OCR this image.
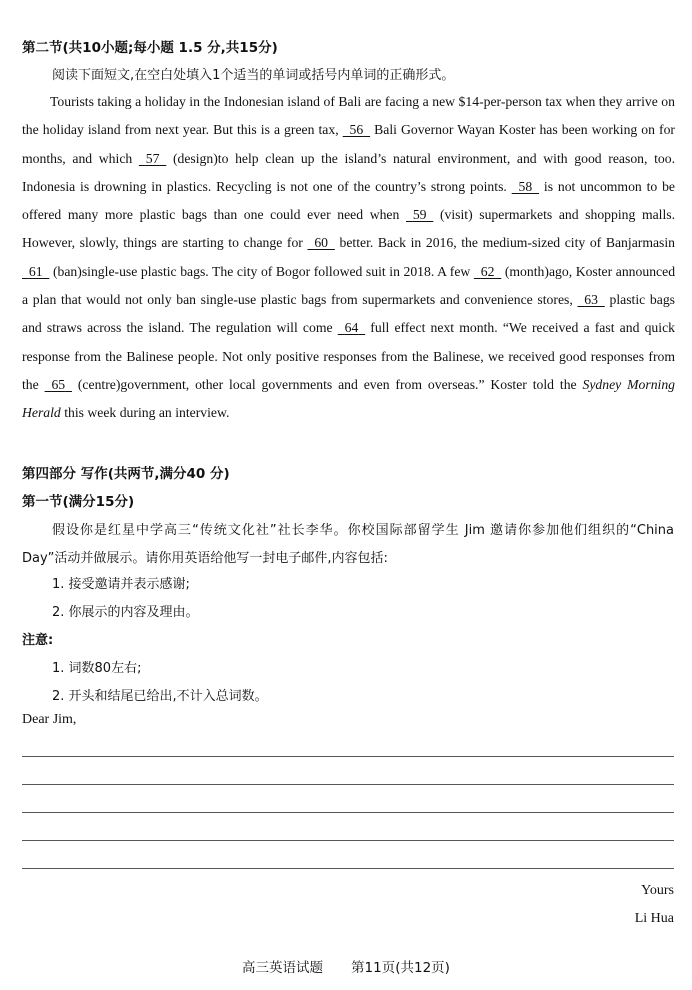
第二节(共10小题;每小题 1.5 分,共15分)
阅读下面短文,在空白处填入1个适当的单词或括号内单词的正确形式。
Tourists taking a holiday in the Indonesian island of Bali are facing a new $14-per-person tax when they arrive on the holiday island from next year. But this is a green tax, 56 Bali Governor Wayan Koster has been working on for months, and which 57 (design)to help clean up the island’s natural environment, and with good reason, too. Indonesia is drowning in plastics. Recycling is not one of the country’s strong points. 58 is not uncommon to be offered many more plastic bags than one could ever need when 59 (visit) supermarkets and shopping malls. However, slowly, things are starting to change for 60 better. Back in 2016, the medium-sized city of Banjarmasin   61 (ban)single-use plastic bags. The city of Bogor followed suit in 2018. A few 62 (month)ago, Koster announced a plan that would not only ban single-use plastic bags from supermarkets and convenience stores, 63 plastic bags and straws across the island. The regulation will come 64 full effect next month. “We received a fast and quick response from the Balinese people. Not only positive responses from the Balinese, we received good responses from the 65 (centre)government, other local governments and even from overseas.” Koster told the Sydney Morning Herald this week during an interview.
第四部分 写作(共两节,满分40 分)
第一节(满分15分)
假设你是红星中学高三“传统文化社”社长李华。你校国际部留学生 Jim 邀请你参加他们组织的“China Day”活动并做展示。请你用英语给他写一封电子邮件,内容包括:
1. 接受邀请并表示感谢;
2. 你展示的内容及理由。
注意:
1. 词数80左右;
2. 开头和结尾已给出,不计入总词数。
Dear Jim,
Yours
Li Hua
高三英语试题 第11页(共12页)
